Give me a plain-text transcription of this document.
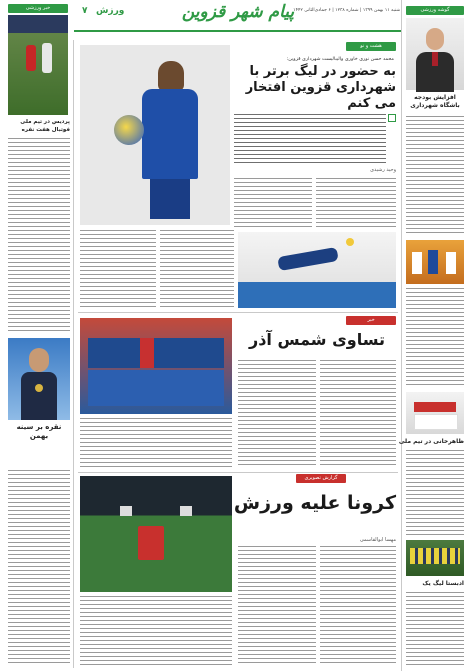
ورزش
۷	شنبه ۱۱ بهمن ۱۳۹۹ | شماره ۱۲۳۸ | ۶ جمادی‌الثانی ۱۴۴۲
پیام شهر قزوین
خبر ورزشی
پردیس در تیم ملی فوتبال هفت نفره
نقره بر سینه بهمن
هشت و نو
محمد حسن نوری خاوری والیبالیست شهرداری قزوین:
به حضور در لیگ برتر با شهرداری قزوین افتخار می کنم
وحید رشیدی
خبر
تساوی شمس آذر
گزارش تصویری
کرونا علیه ورزش
مهسا ابوالقاسمی
گوشه ورزشی
افزایش بودجه باشگاه شهرداری
ظاهرخانی در تیم ملی
ادبستا لیگ یک
